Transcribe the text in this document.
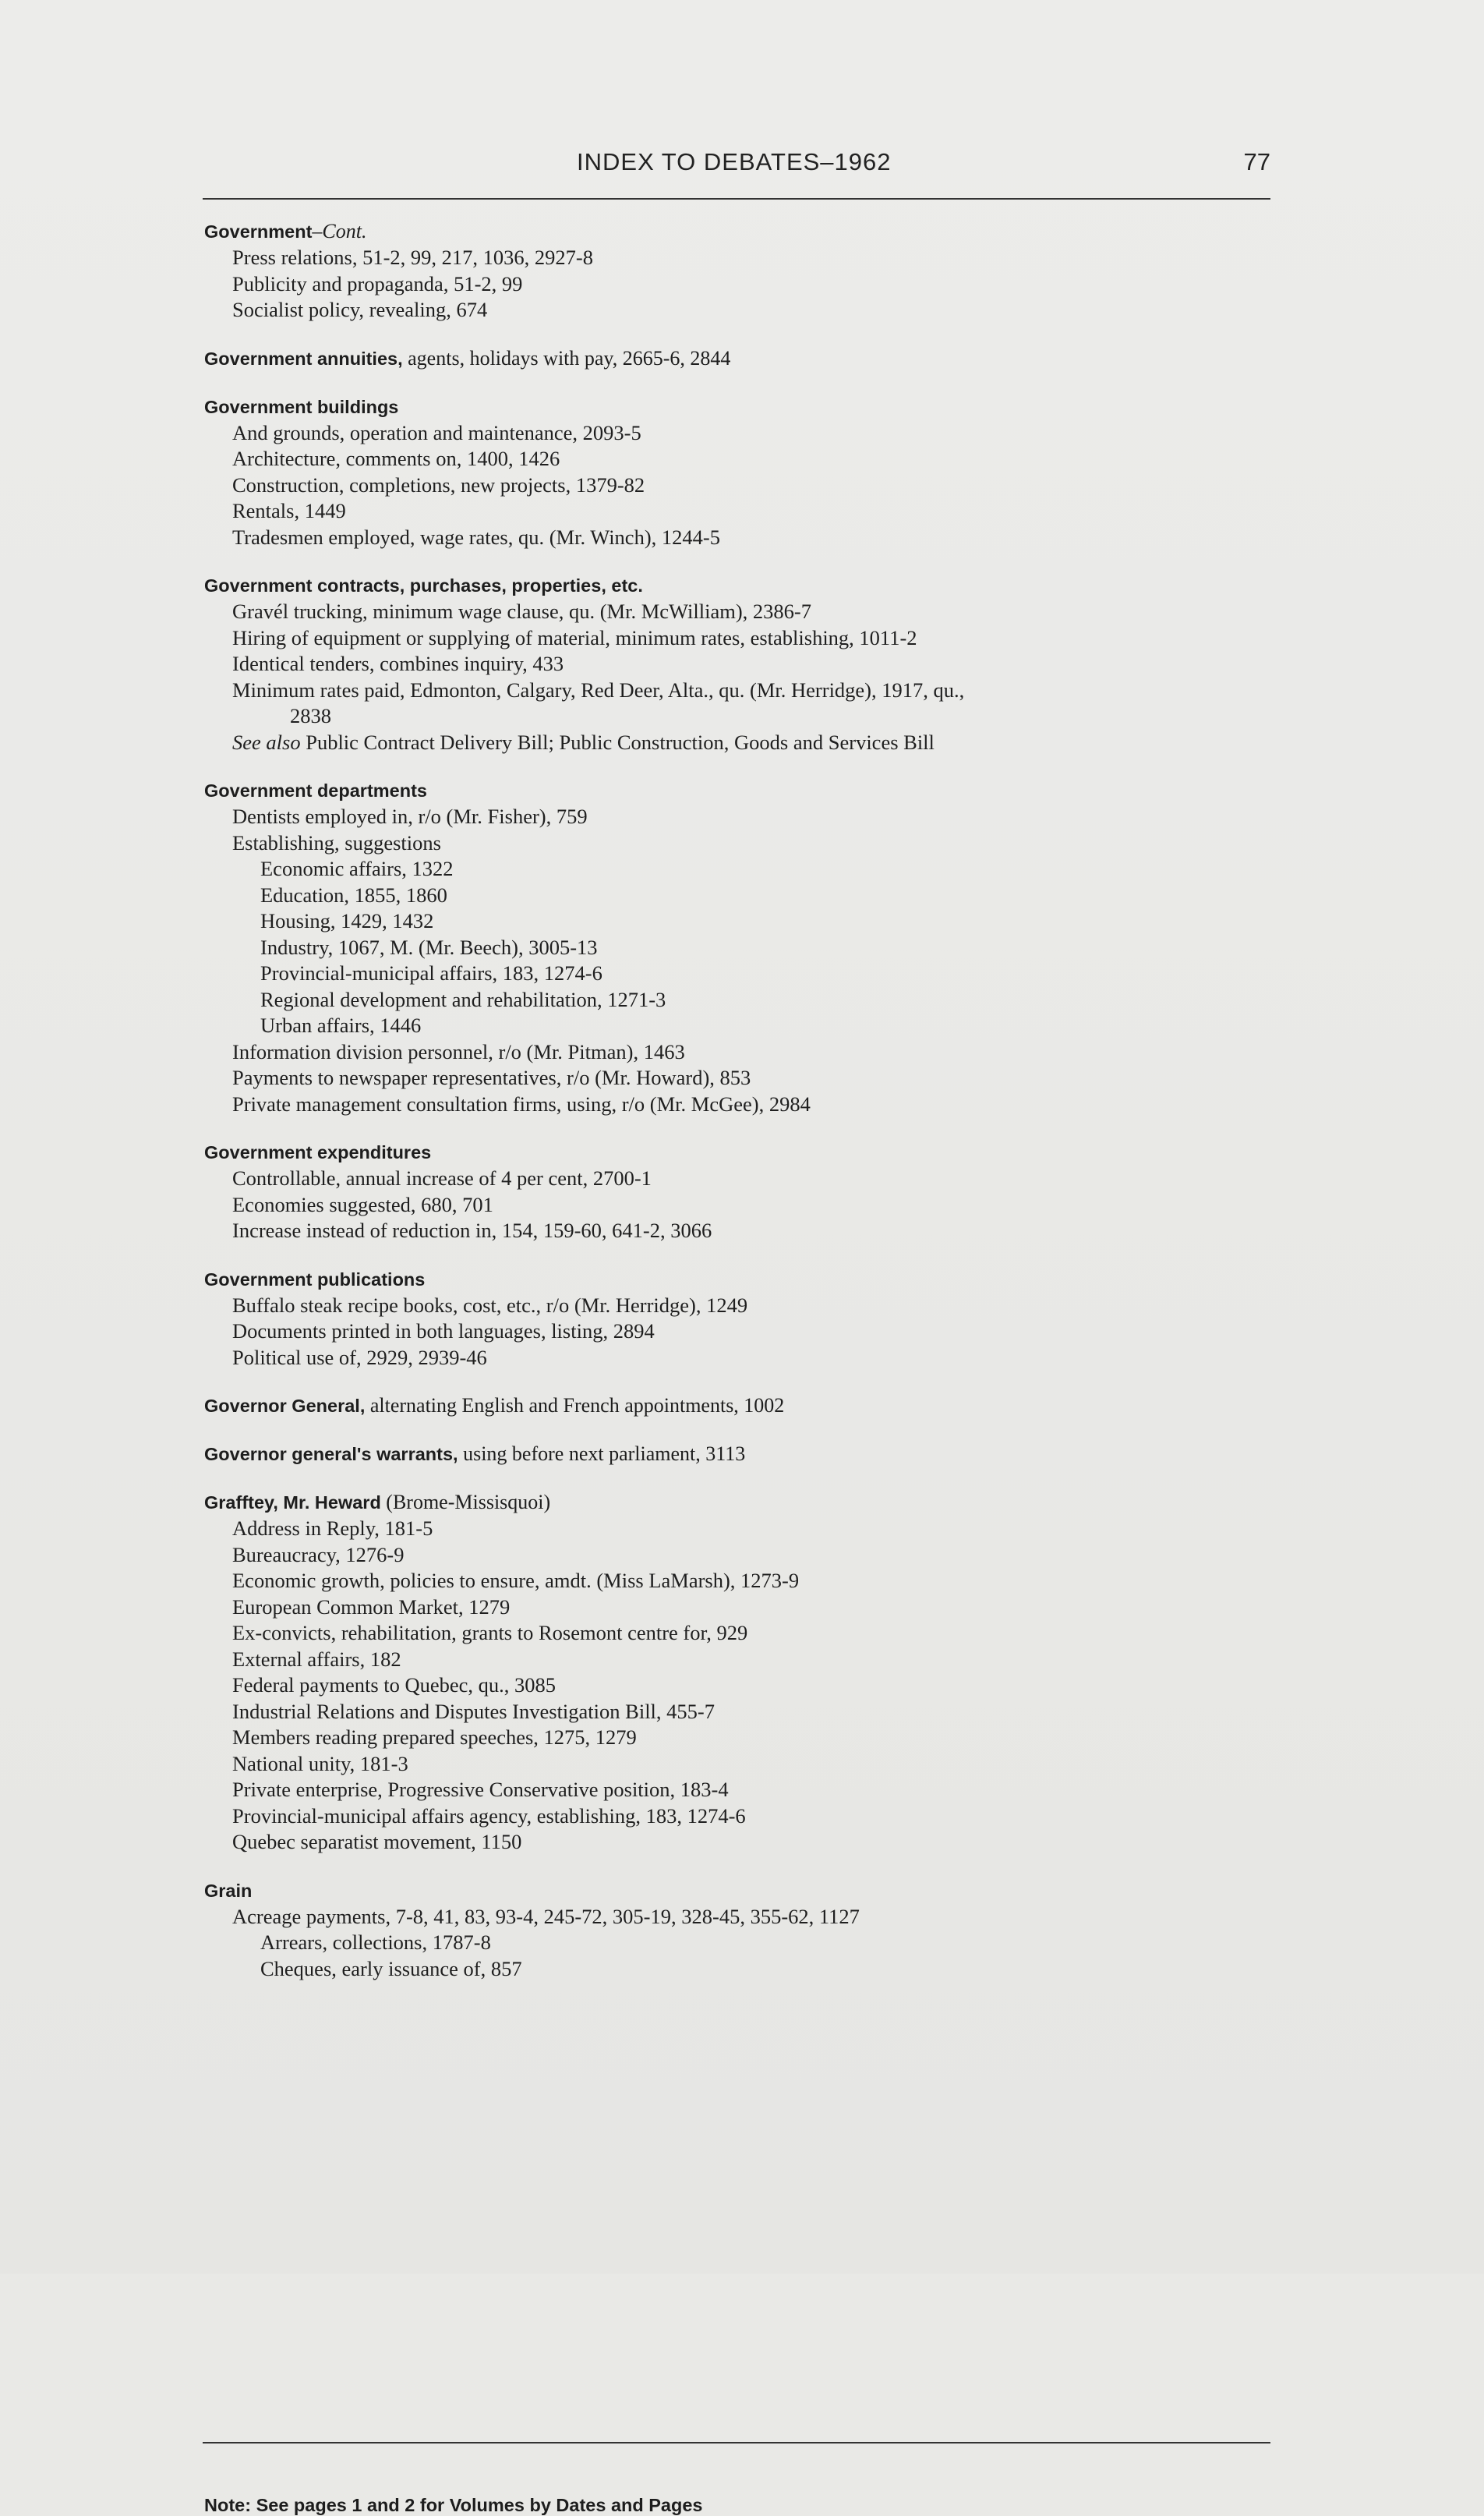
INDEX TO DEBATES–1962	77
Government–Cont.
Press relations, 51-2, 99, 217, 1036, 2927-8
Publicity and propaganda, 51-2, 99
Socialist policy, revealing, 674
Government annuities, agents, holidays with pay, 2665-6, 2844
Government buildings
And grounds, operation and maintenance, 2093-5
Architecture, comments on, 1400, 1426
Construction, completions, new projects, 1379-82
Rentals, 1449
Tradesmen employed, wage rates, qu. (Mr. Winch), 1244-5
Government contracts, purchases, properties, etc.
Gravél trucking, minimum wage clause, qu. (Mr. McWilliam), 2386-7
Hiring of equipment or supplying of material, minimum rates, establishing, 1011-2
Identical tenders, combines inquiry, 433
Minimum rates paid, Edmonton, Calgary, Red Deer, Alta., qu. (Mr. Herridge), 1917, qu.,
2838
See also Public Contract Delivery Bill; Public Construction, Goods and Services Bill
Government departments
Dentists employed in, r/o (Mr. Fisher), 759
Establishing, suggestions
Economic affairs, 1322
Education, 1855, 1860
Housing, 1429, 1432
Industry, 1067, M. (Mr. Beech), 3005-13
Provincial-municipal affairs, 183, 1274-6
Regional development and rehabilitation, 1271-3
Urban affairs, 1446
Information division personnel, r/o (Mr. Pitman), 1463
Payments to newspaper representatives, r/o (Mr. Howard), 853
Private management consultation firms, using, r/o (Mr. McGee), 2984
Government expenditures
Controllable, annual increase of 4 per cent, 2700-1
Economies suggested, 680, 701
Increase instead of reduction in, 154, 159-60, 641-2, 3066
Government publications
Buffalo steak recipe books, cost, etc., r/o (Mr. Herridge), 1249
Documents printed in both languages, listing, 2894
Political use of, 2929, 2939-46
Governor General, alternating English and French appointments, 1002
Governor general's warrants, using before next parliament, 3113
Grafftey, Mr. Heward (Brome-Missisquoi)
Address in Reply, 181-5
Bureaucracy, 1276-9
Economic growth, policies to ensure, amdt. (Miss LaMarsh), 1273-9
European Common Market, 1279
Ex-convicts, rehabilitation, grants to Rosemont centre for, 929
External affairs, 182
Federal payments to Quebec, qu., 3085
Industrial Relations and Disputes Investigation Bill, 455-7
Members reading prepared speeches, 1275, 1279
National unity, 181-3
Private enterprise, Progressive Conservative position, 183-4
Provincial-municipal affairs agency, establishing, 183, 1274-6
Quebec separatist movement, 1150
Grain
Acreage payments, 7-8, 41, 83, 93-4, 245-72, 305-19, 328-45, 355-62, 1127
Arrears, collections, 1787-8
Cheques, early issuance of, 857
Note: See pages 1 and 2 for Volumes by Dates and Pages
